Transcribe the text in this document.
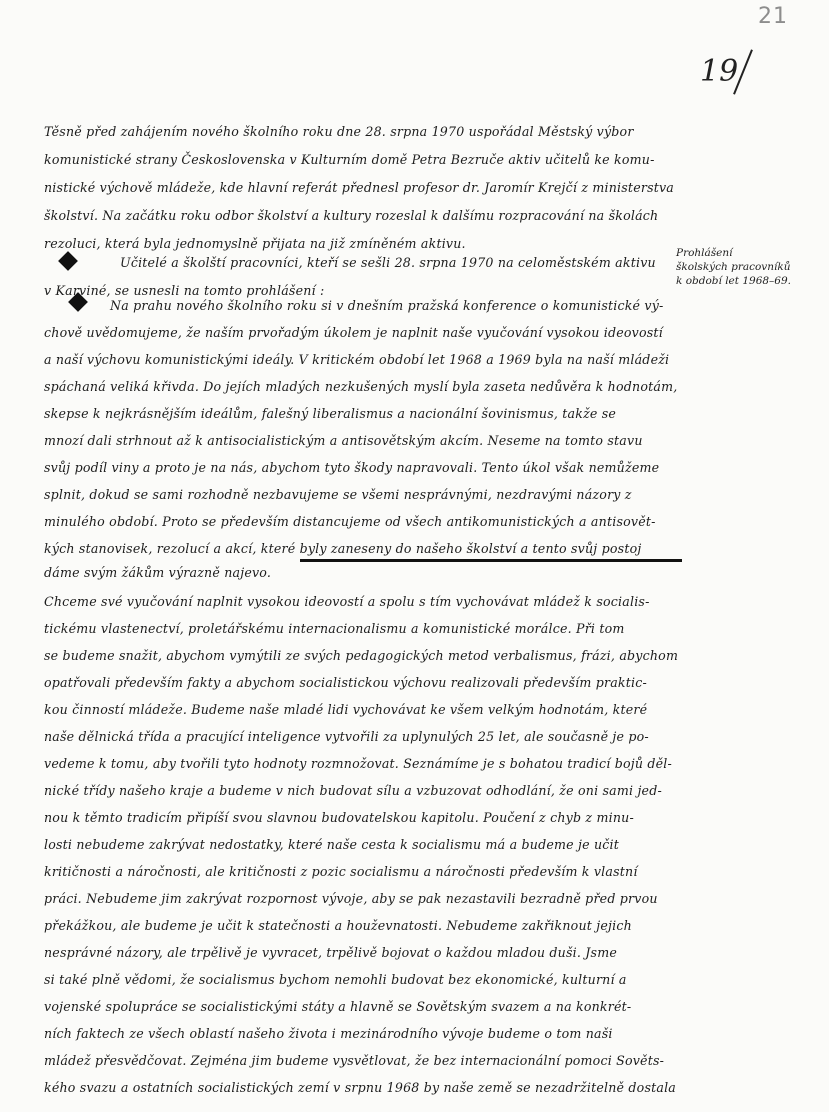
21
19
Prohlášení
školských pracovníků
k období let 1968–69.
Těsně před zahájením nového školního roku dne 28. srpna 1970 uspořádal Městský výbor
komunistické strany Československa v Kulturním domě Petra Bezruče aktiv učitelů ke komu-
nistické výchově mládeže, kde hlavní referát přednesl profesor dr. Jaromír Krejčí z ministerstva
školství. Na začátku roku odbor školství a kultury rozeslal k dalšímu rozpracování na školách
rezoluci, která byla jednomyslně přijata na již zmíněném aktivu.
Učitelé a školští pracovníci, kteří se sešli 28. srpna 1970 na celoměstském aktivu
v Karviné, se usnesli na tomto prohlášení :
Na prahu nového školního roku si v dnešním pražská konference o komunistické vý-
chově uvědomujeme, že naším prvořadým úkolem je naplnit naše vyučování vysokou ideovostí
a naší výchovu komunistickými ideály. V kritickém období let 1968 a 1969 byla na naší mládeži
spáchaná veliká křivda. Do jejích mladých nezkušených myslí byla zaseta nedůvěra k hodnotám,
skepse k nejkrásnějším ideálům, falešný liberalismus a nacionální šovinismus, takže se
mnozí dali strhnout až k antisocialistickým a antisovětským akcím. Neseme na tomto stavu
svůj podíl viny a proto je na nás, abychom tyto škody napravovali. Tento úkol však nemůžeme
splnit, dokud se sami rozhodně nezbavujeme se všemi nesprávnými, nezdravými názory z
minulého období. Proto se především distancujeme od všech antikomunistických a antisovět-
kých stanovisek, rezolucí a akcí, které byly zaneseny do našeho školství a tento svůj postoj
dáme svým žákům výrazně najevo.
Chceme své vyučování naplnit vysokou ideovostí a spolu s tím vychovávat mládež k socialis-
tickému vlastenectví, proletářskému internacionalismu a komunistické morálce. Při tom
se budeme snažit, abychom vymýtili ze svých pedagogických metod verbalismus, frázi, abychom
opatřovali především fakty a abychom socialistickou výchovu realizovali především praktic-
kou činností mládeže. Budeme naše mladé lidi vychovávat ke všem velkým hodnotám, které
naše dělnická třída a pracující inteligence vytvořili za uplynulých 25 let, ale současně je po-
vedeme k tomu, aby tvořili tyto hodnoty rozmnožovat. Seznámíme je s bohatou tradicí bojů děl-
nické třídy našeho kraje a budeme v nich budovat sílu a vzbuzovat odhodlání, že oni sami jed-
nou k těmto tradicím připíší svou slavnou budovatelskou kapitolu. Poučení z chyb z minu-
losti nebudeme zakrývat nedostatky, které naše cesta k socialismu má a budeme je učit
kritičnosti a náročnosti, ale kritičnosti z pozic socialismu a náročnosti především k vlastní
práci. Nebudeme jim zakrývat rozpornost vývoje, aby se pak nezastavili bezradně před prvou
překážkou, ale budeme je učit k statečnosti a houževnatosti. Nebudeme zakřiknout jejich
nesprávné názory, ale trpělivě je vyvracet, trpělivě bojovat o každou mladou duši. Jsme
si také plně vědomi, že socialismus bychom nemohli budovat bez ekonomické, kulturní a
vojenské spolupráce se socialistickými státy a hlavně se Sovětským svazem a na konkrét-
ních faktech ze všech oblastí našeho života i mezinárodního vývoje budeme o tom naši
mládež přesvědčovat. Zejména jim budeme vysvětlovat, že bez internacionální pomoci Sověts-
kého svazu a ostatních socialistických zemí v srpnu 1968 by naše země se nezadržitelně dostala
